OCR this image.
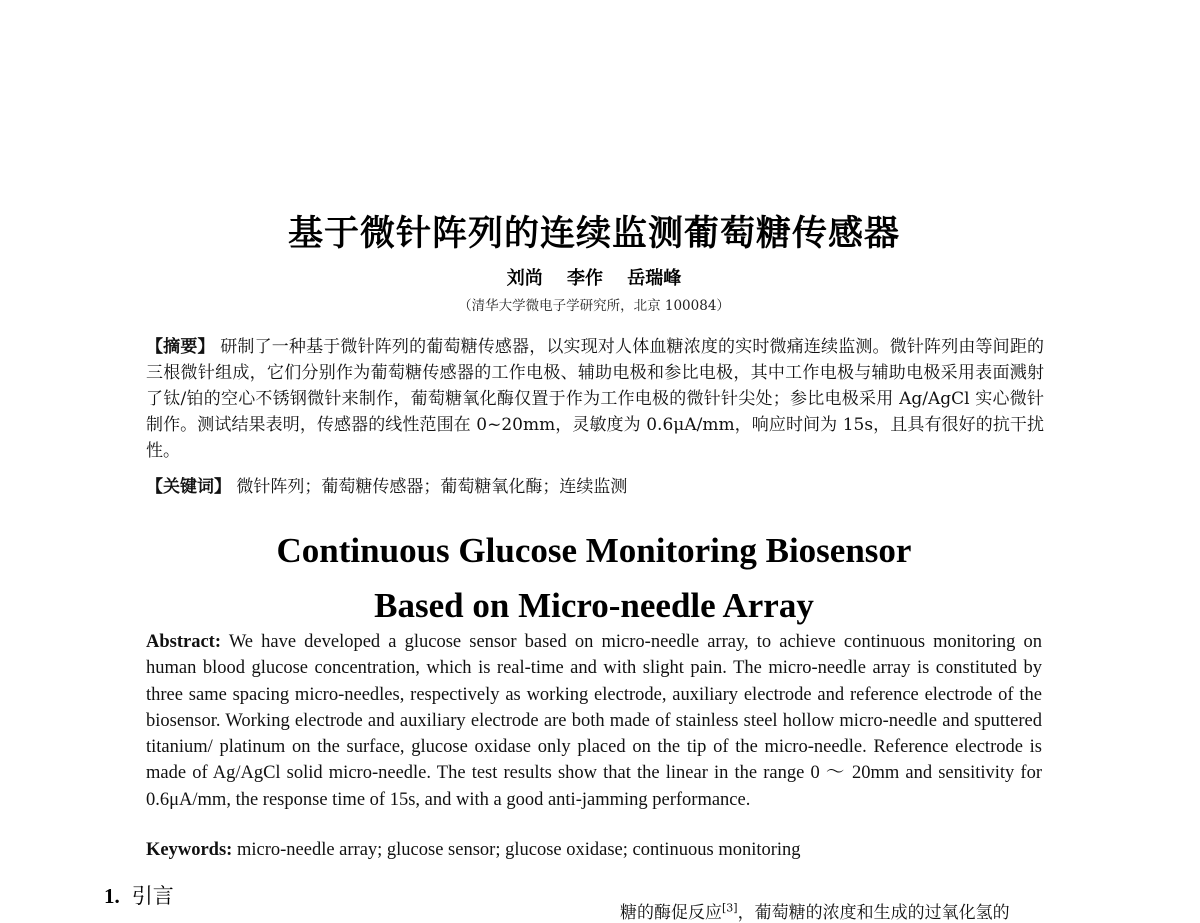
基于微针阵列的连续监测葡萄糖传感器
刘尚 李作 岳瑞峰
（清华大学微电子学研究所，北京 100084）
【摘要】 研制了一种基于微针阵列的葡萄糖传感器，以实现对人体血糖浓度的实时微痛连续监测。微针阵列由等间距的三根微针组成，它们分别作为葡萄糖传感器的工作电极、辅助电极和参比电极，其中工作电极与辅助电极采用表面溅射了钛/铂的空心不锈钢微针来制作，葡萄糖氧化酶仅置于作为工作电极的微针针尖处；参比电极采用 Ag/AgCl 实心微针制作。测试结果表明，传感器的线性范围在 0~20mm，灵敏度为 0.6μA/mm，响应时间为 15s，且具有很好的抗干扰性。
【关键词】 微针阵列；葡萄糖传感器；葡萄糖氧化酶；连续监测
Continuous Glucose Monitoring Biosensor
Based on Micro-needle Array
Abstract: We have developed a glucose sensor based on micro-needle array, to achieve continuous monitoring on human blood glucose concentration, which is real-time and with slight pain. The micro-needle array is constituted by three same spacing micro-needles, respectively as working electrode, auxiliary electrode and reference electrode of the biosensor. Working electrode and auxiliary electrode are both made of stainless steel hollow micro-needle and sputtered titanium/ platinum on the surface, glucose oxidase only placed on the tip of the micro-needle. Reference electrode is made of Ag/AgCl solid micro-needle. The test results show that the linear in the range 0 ～ 20mm and sensitivity for 0.6μA/mm, the response time of 15s, and with a good anti-jamming performance.
Keywords: micro-needle array; glucose sensor; glucose oxidase; continuous monitoring
1. 引言
糖的酶促反应[3]，葡萄糖的浓度和生成的过氧化氢的
